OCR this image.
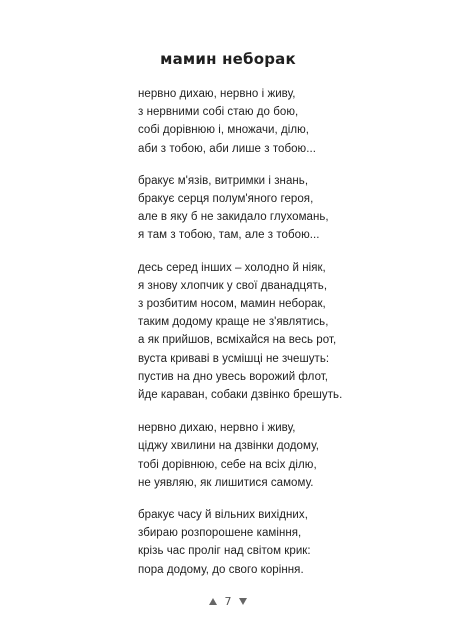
мамин неборак
нервно дихаю, нервно і живу,
з нервними собі стаю до бою,
собі дорівнюю і, множачи, ділю,
аби з тобою, аби лише з тобою...
бракує м'язів, витримки і знань,
бракує серця полум'яного героя,
але в яку б не закидало глухомань,
я там з тобою, там, але з тобою...
десь серед інших – холодно й ніяк,
я знову хлопчик у свої дванадцять,
з розбитим носом, мамин неборак,
таким додому краще не з'являтись,
а як прийшов, всміхайся на весь рот,
вуста криваві в усмішці не зчешуть:
пустив на дно увесь ворожий флот,
йде караван, собаки дзвінко брешуть.
нервно дихаю, нервно і живу,
ціджу хвилини на дзвінки додому,
тобі дорівнюю, себе на всіх ділю,
не уявляю, як лишитися самому.
бракує часу й вільних вихідних,
збираю розпорошене каміння,
крізь час проліг над світом крик:
пора додому, до свого коріння.
7
